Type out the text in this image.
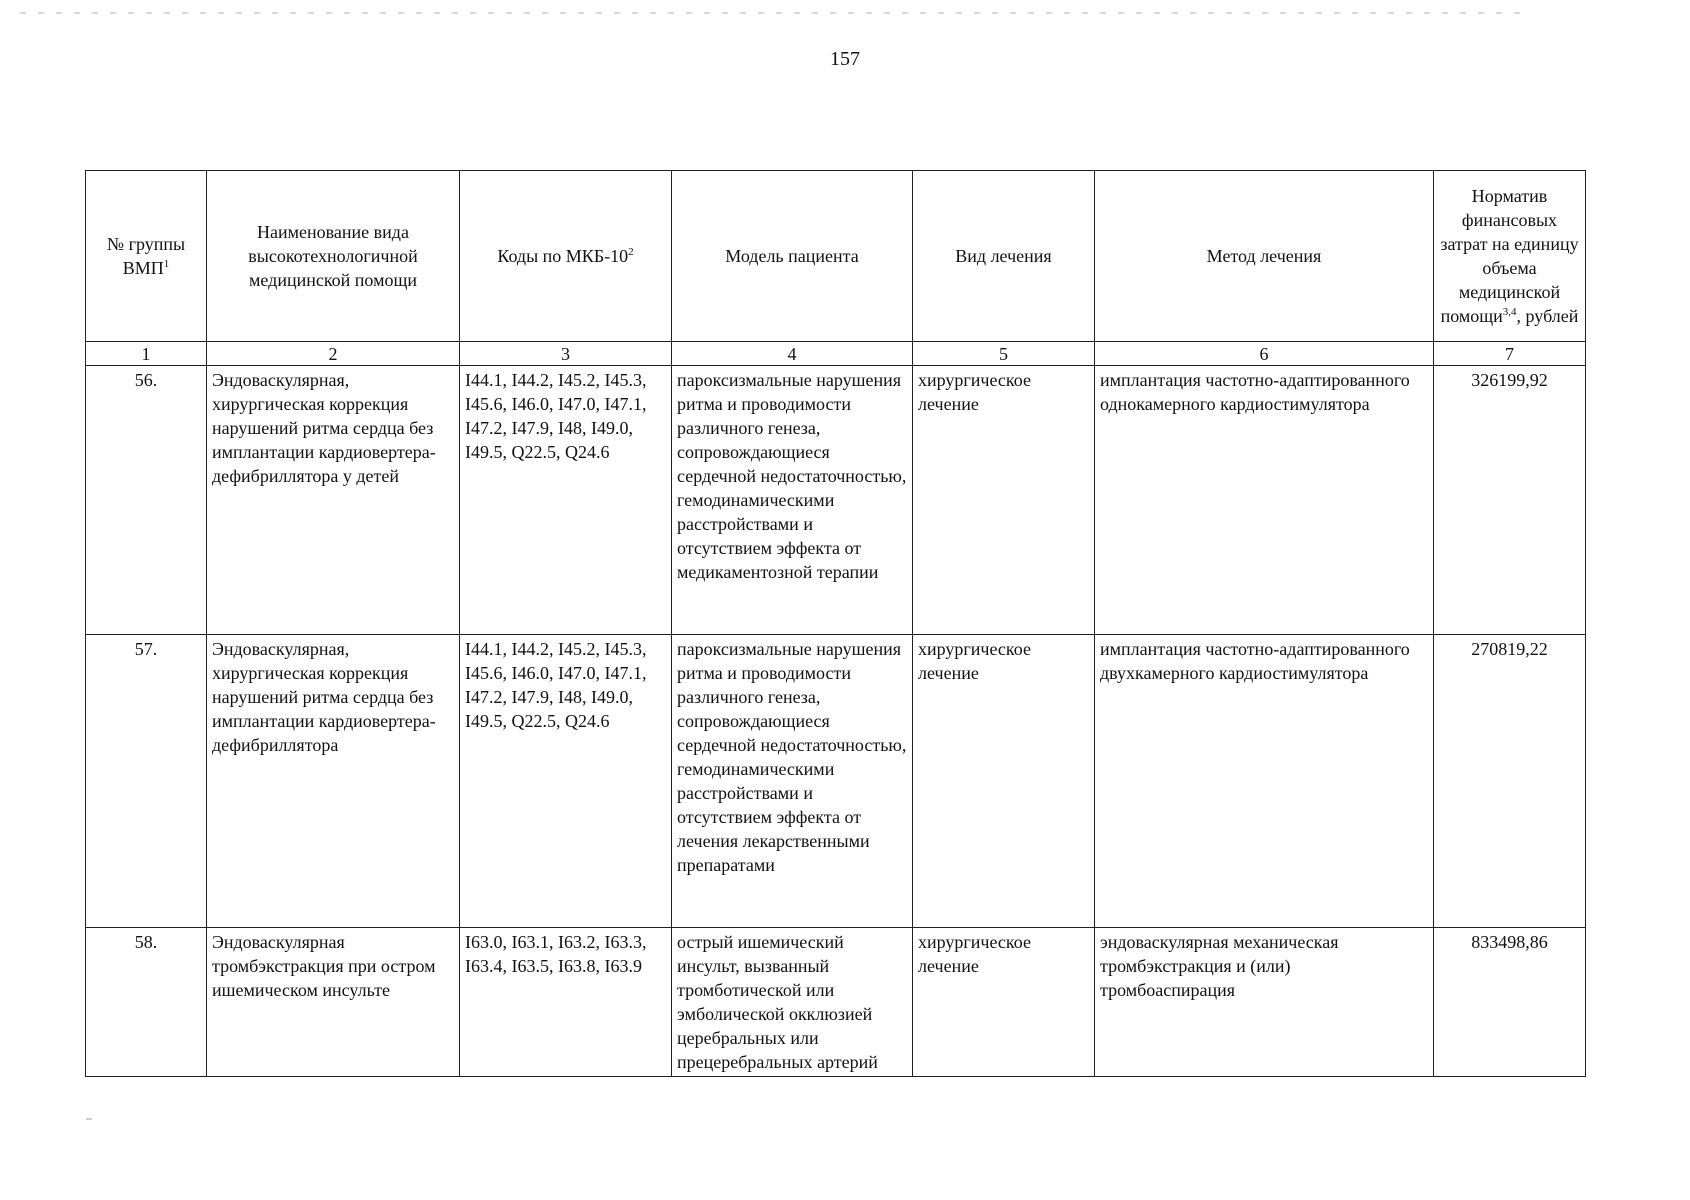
157
№ группы ВМП$^1$	Наименование вида высокотехнологичной медицинской помощи	Коды по МКБ-$10^2$	Модель пациента	Вид лечения	Метод лечения	Норматив финансовых затрат на единицу объема медицинской помощи$^{3,4}$, рублей
1	2	3	4	5	6	7
56.	Эндоваскулярная, хирургическая коррекция нарушений ритма сердца без имплантации кардиовертера-дефибриллятора у детей	I44.1, I44.2, I45.2, I45.3, I45.6, I46.0, I47.0, I47.1, I47.2, I47.9, I48, I49.0, I49.5, Q22.5, Q24.6	пароксизмальные нарушения ритма и проводимости различного генеза, сопровождающиеся сердечной недостаточностью, гемодинамическими расстройствами и отсутствием эффекта от медикаментозной терапии	хирургическое лечение	имплантация частотно-адаптированного однокамерного кардиостимулятора	326199,92
57.	Эндоваскулярная, хирургическая коррекция нарушений ритма сердца без имплантации кардиовертера-дефибриллятора	I44.1, I44.2, I45.2, I45.3, I45.6, I46.0, I47.0, I47.1, I47.2, I47.9, I48, I49.0, I49.5, Q22.5, Q24.6	пароксизмальные нарушения ритма и проводимости различного генеза, сопровождающиеся сердечной недостаточностью, гемодинамическими расстройствами и отсутствием эффекта от лечения лекарственными препаратами	хирургическое лечение	имплантация частотно-адаптированного двухкамерного кардиостимулятора	270819,22
58.	Эндоваскулярная тромбэкстракция при остром ишемическом инсульте	I63.0, I63.1, I63.2, I63.3, I63.4, I63.5, I63.8, I63.9	острый ишемический инсульт, вызванный тромботической или эмболической окклюзией церебральных или прецеребральных артерий	хирургическое лечение	эндоваскулярная механическая тромбэкстракция и (или) тромбоаспирация	833498,86
